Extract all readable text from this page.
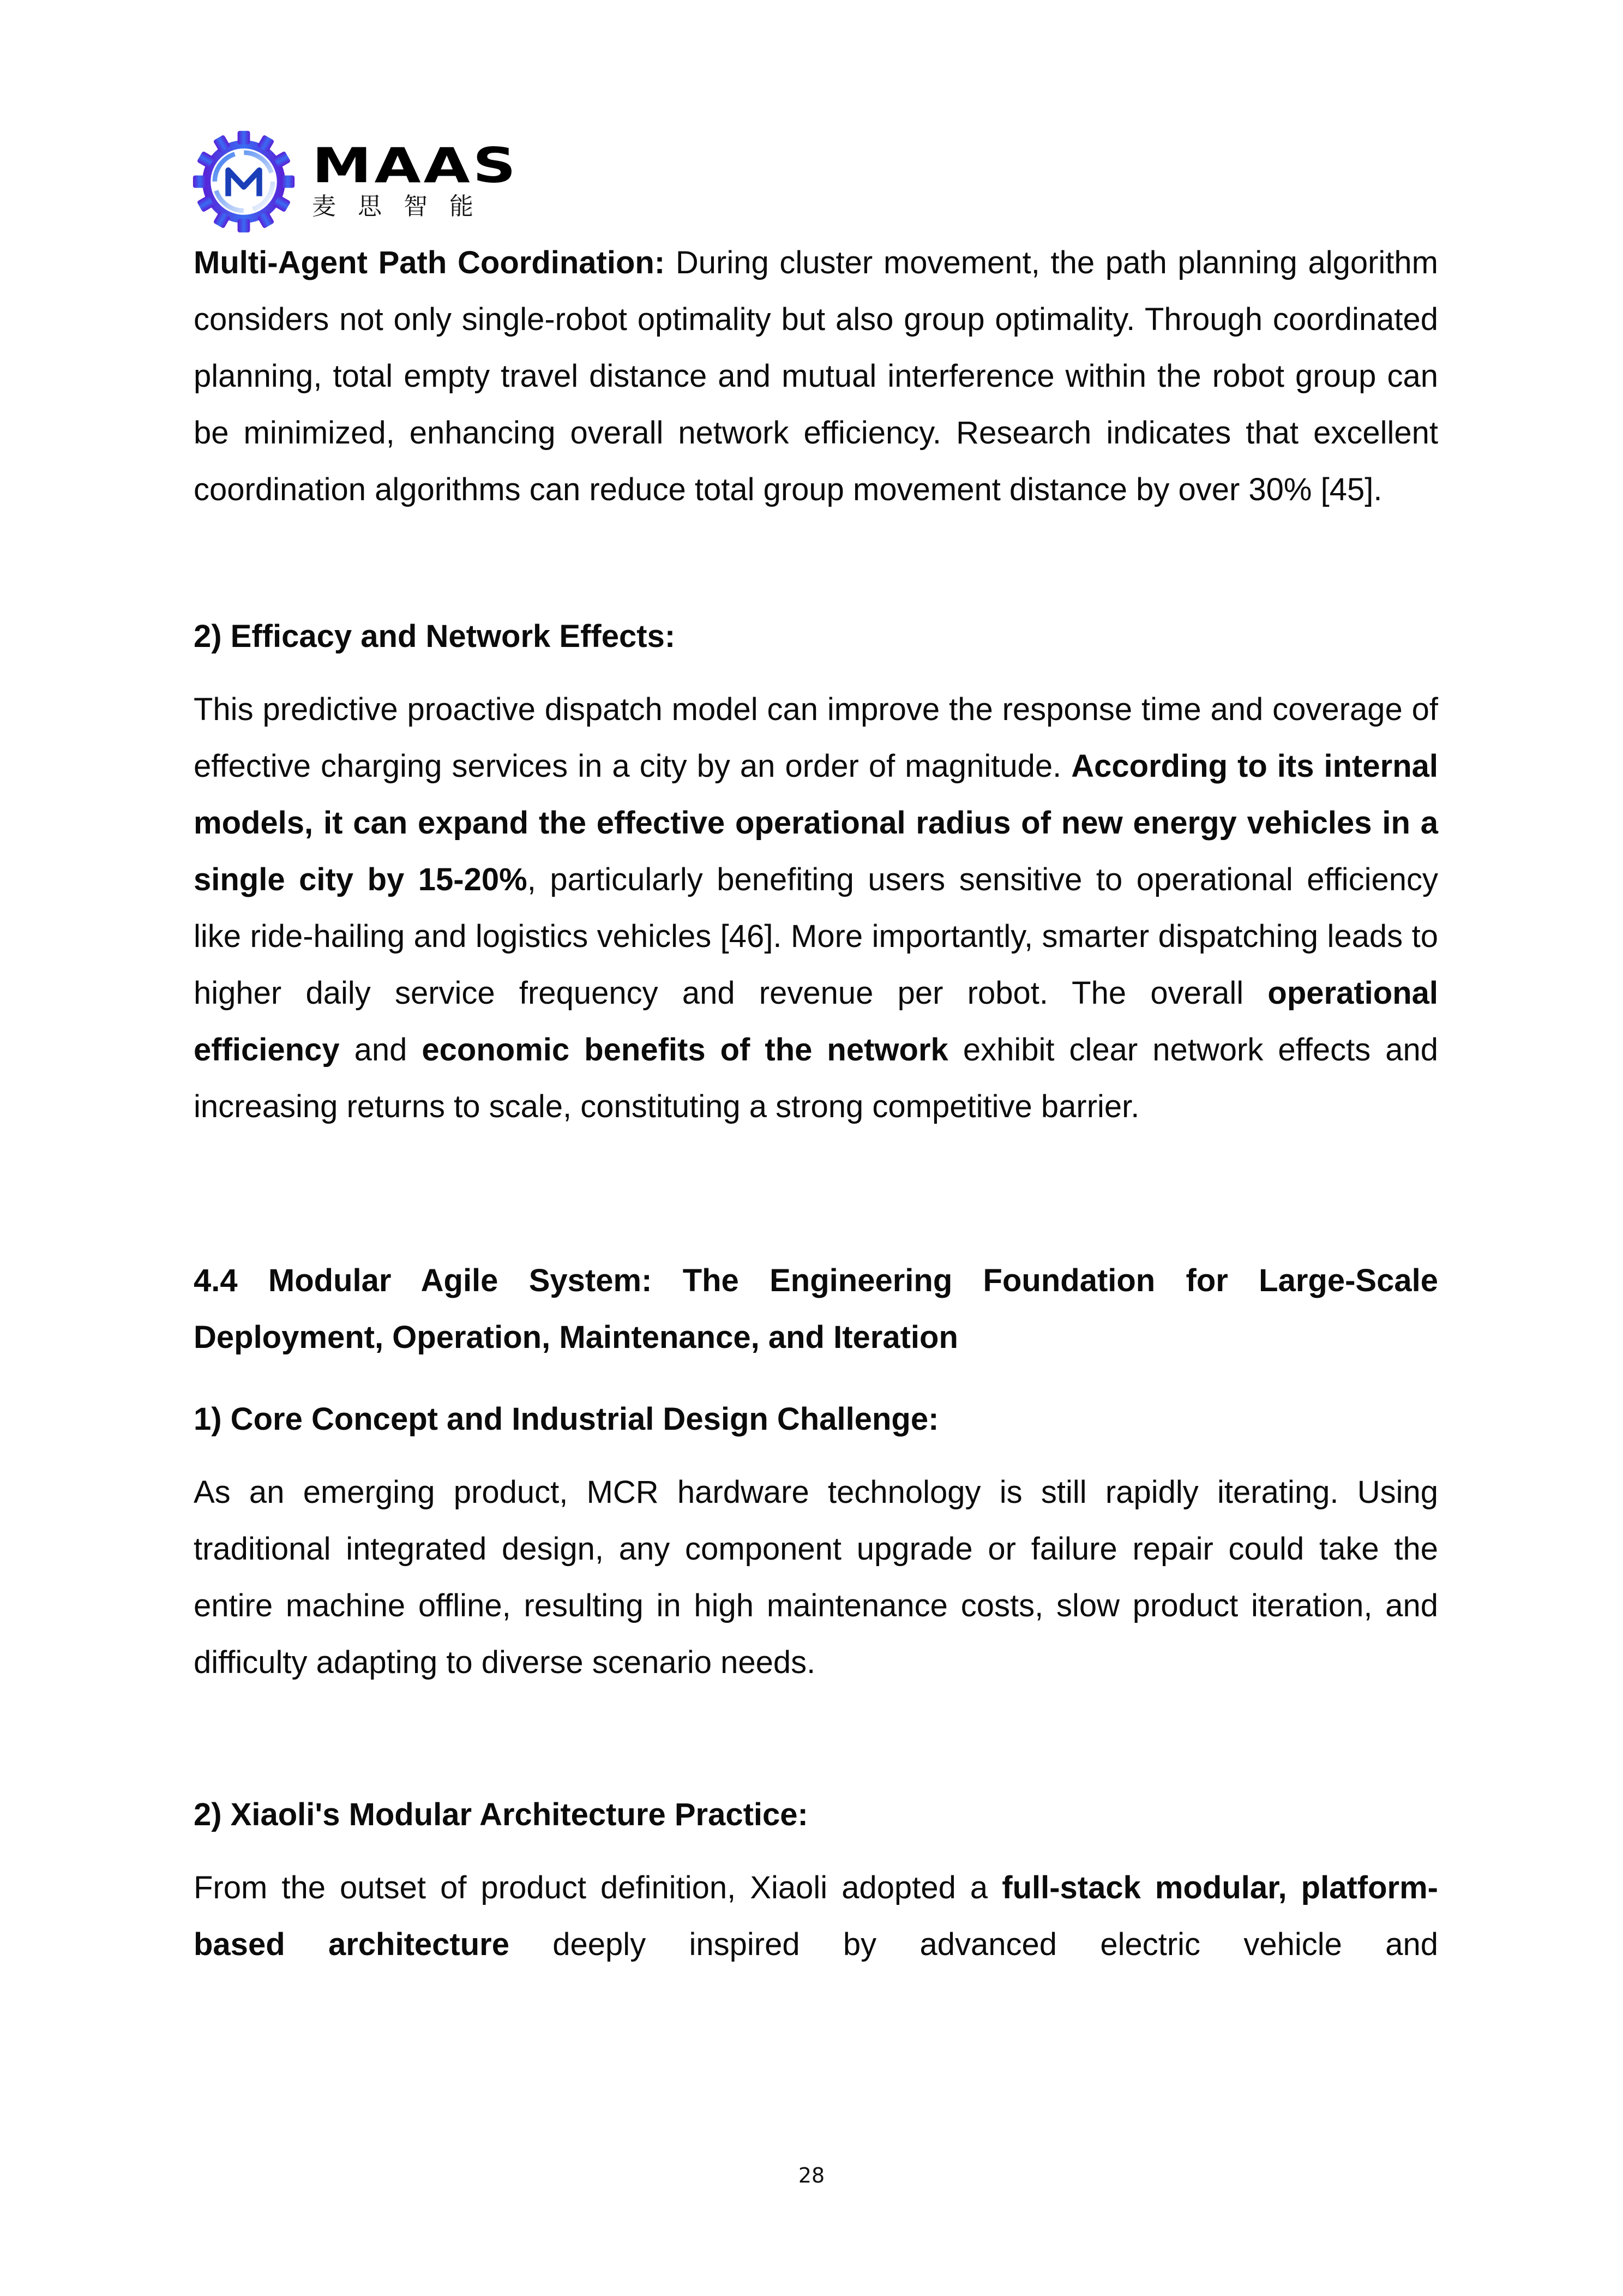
MAAS
麦思智能

Multi-Agent Path Coordination: During cluster movement, the path planning algorithm considers not only single-robot optimality but also group optimality. Through coordinated planning, total empty travel distance and mutual interference within the robot group can be minimized, enhancing overall network efficiency. Research indicates that excellent coordination algorithms can reduce total group movement distance by over 30% [45].

2) Efficacy and Network Effects:

This predictive proactive dispatch model can improve the response time and coverage of effective charging services in a city by an order of magnitude. According to its internal models, it can expand the effective operational radius of new energy vehicles in a single city by 15-20%, particularly benefiting users sensitive to operational efficiency like ride-hailing and logistics vehicles [46]. More importantly, smarter dispatching leads to higher daily service frequency and revenue per robot. The overall operational efficiency and economic benefits of the network exhibit clear network effects and increasing returns to scale, constituting a strong competitive barrier.

4.4 Modular Agile System: The Engineering Foundation for Large-Scale Deployment, Operation, Maintenance, and Iteration
1) Core Concept and Industrial Design Challenge:

As an emerging product, MCR hardware technology is still rapidly iterating. Using traditional integrated design, any component upgrade or failure repair could take the entire machine offline, resulting in high maintenance costs, slow product iteration, and difficulty adapting to diverse scenario needs.

2) Xiaoli's Modular Architecture Practice:

From the outset of product definition, Xiaoli adopted a full-stack modular, platform-based architecture deeply inspired by advanced electric vehicle and

28
